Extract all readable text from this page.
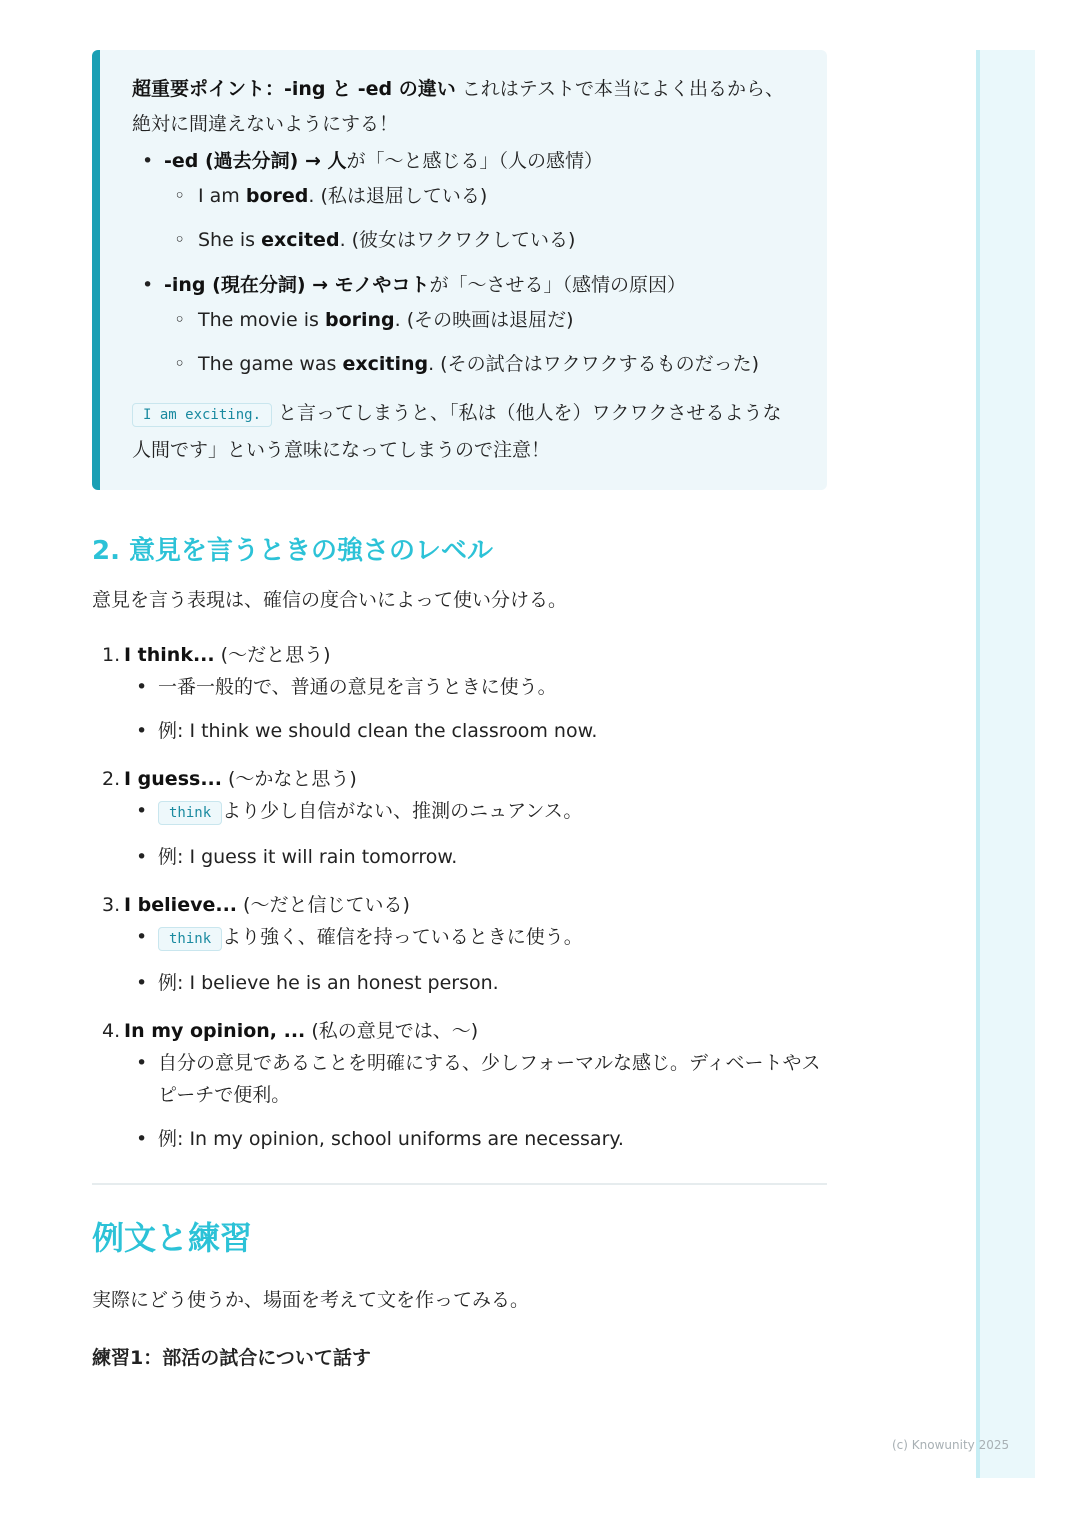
超重要ポイント：-ing と -ed の違い これはテストで本当によく出るから、絶対に間違えないようにする！

• -ed (過去分詞) → 人が「〜と感じる」（人の感情）
◦ I am bored. (私は退屈している)
◦ She is excited. (彼女はワクワクしている)
• -ing (現在分詞) → モノやコトが「〜させる」（感情の原因）
◦ The movie is boring. (その映画は退屈だ)
◦ The game was exciting. (その試合はワクワクするものだった)

I am exciting. と言ってしまうと、「私は（他人を）ワクワクさせるような人間です」という意味になってしまうので注意！

2. 意見を言うときの強さのレベル

意見を言う表現は、確信の度合いによって使い分ける。

1. I think... (〜だと思う)
• 一番一般的で、普通の意見を言うときに使う。
• 例: I think we should clean the classroom now.
2. I guess... (〜かなと思う)
• think より少し自信がない、推測のニュアンス。
• 例: I guess it will rain tomorrow.
3. I believe... (〜だと信じている)
• think より強く、確信を持っているときに使う。
• 例: I believe he is an honest person.
4. In my opinion, ... (私の意見では、〜)
• 自分の意見であることを明確にする、少しフォーマルな感じ。ディベートやスピーチで便利。
• 例: In my opinion, school uniforms are necessary.
例文と練習

実際にどう使うか、場面を考えて文を作ってみる。

練習1：部活の試合について話す
(c) Knowunity 2025
